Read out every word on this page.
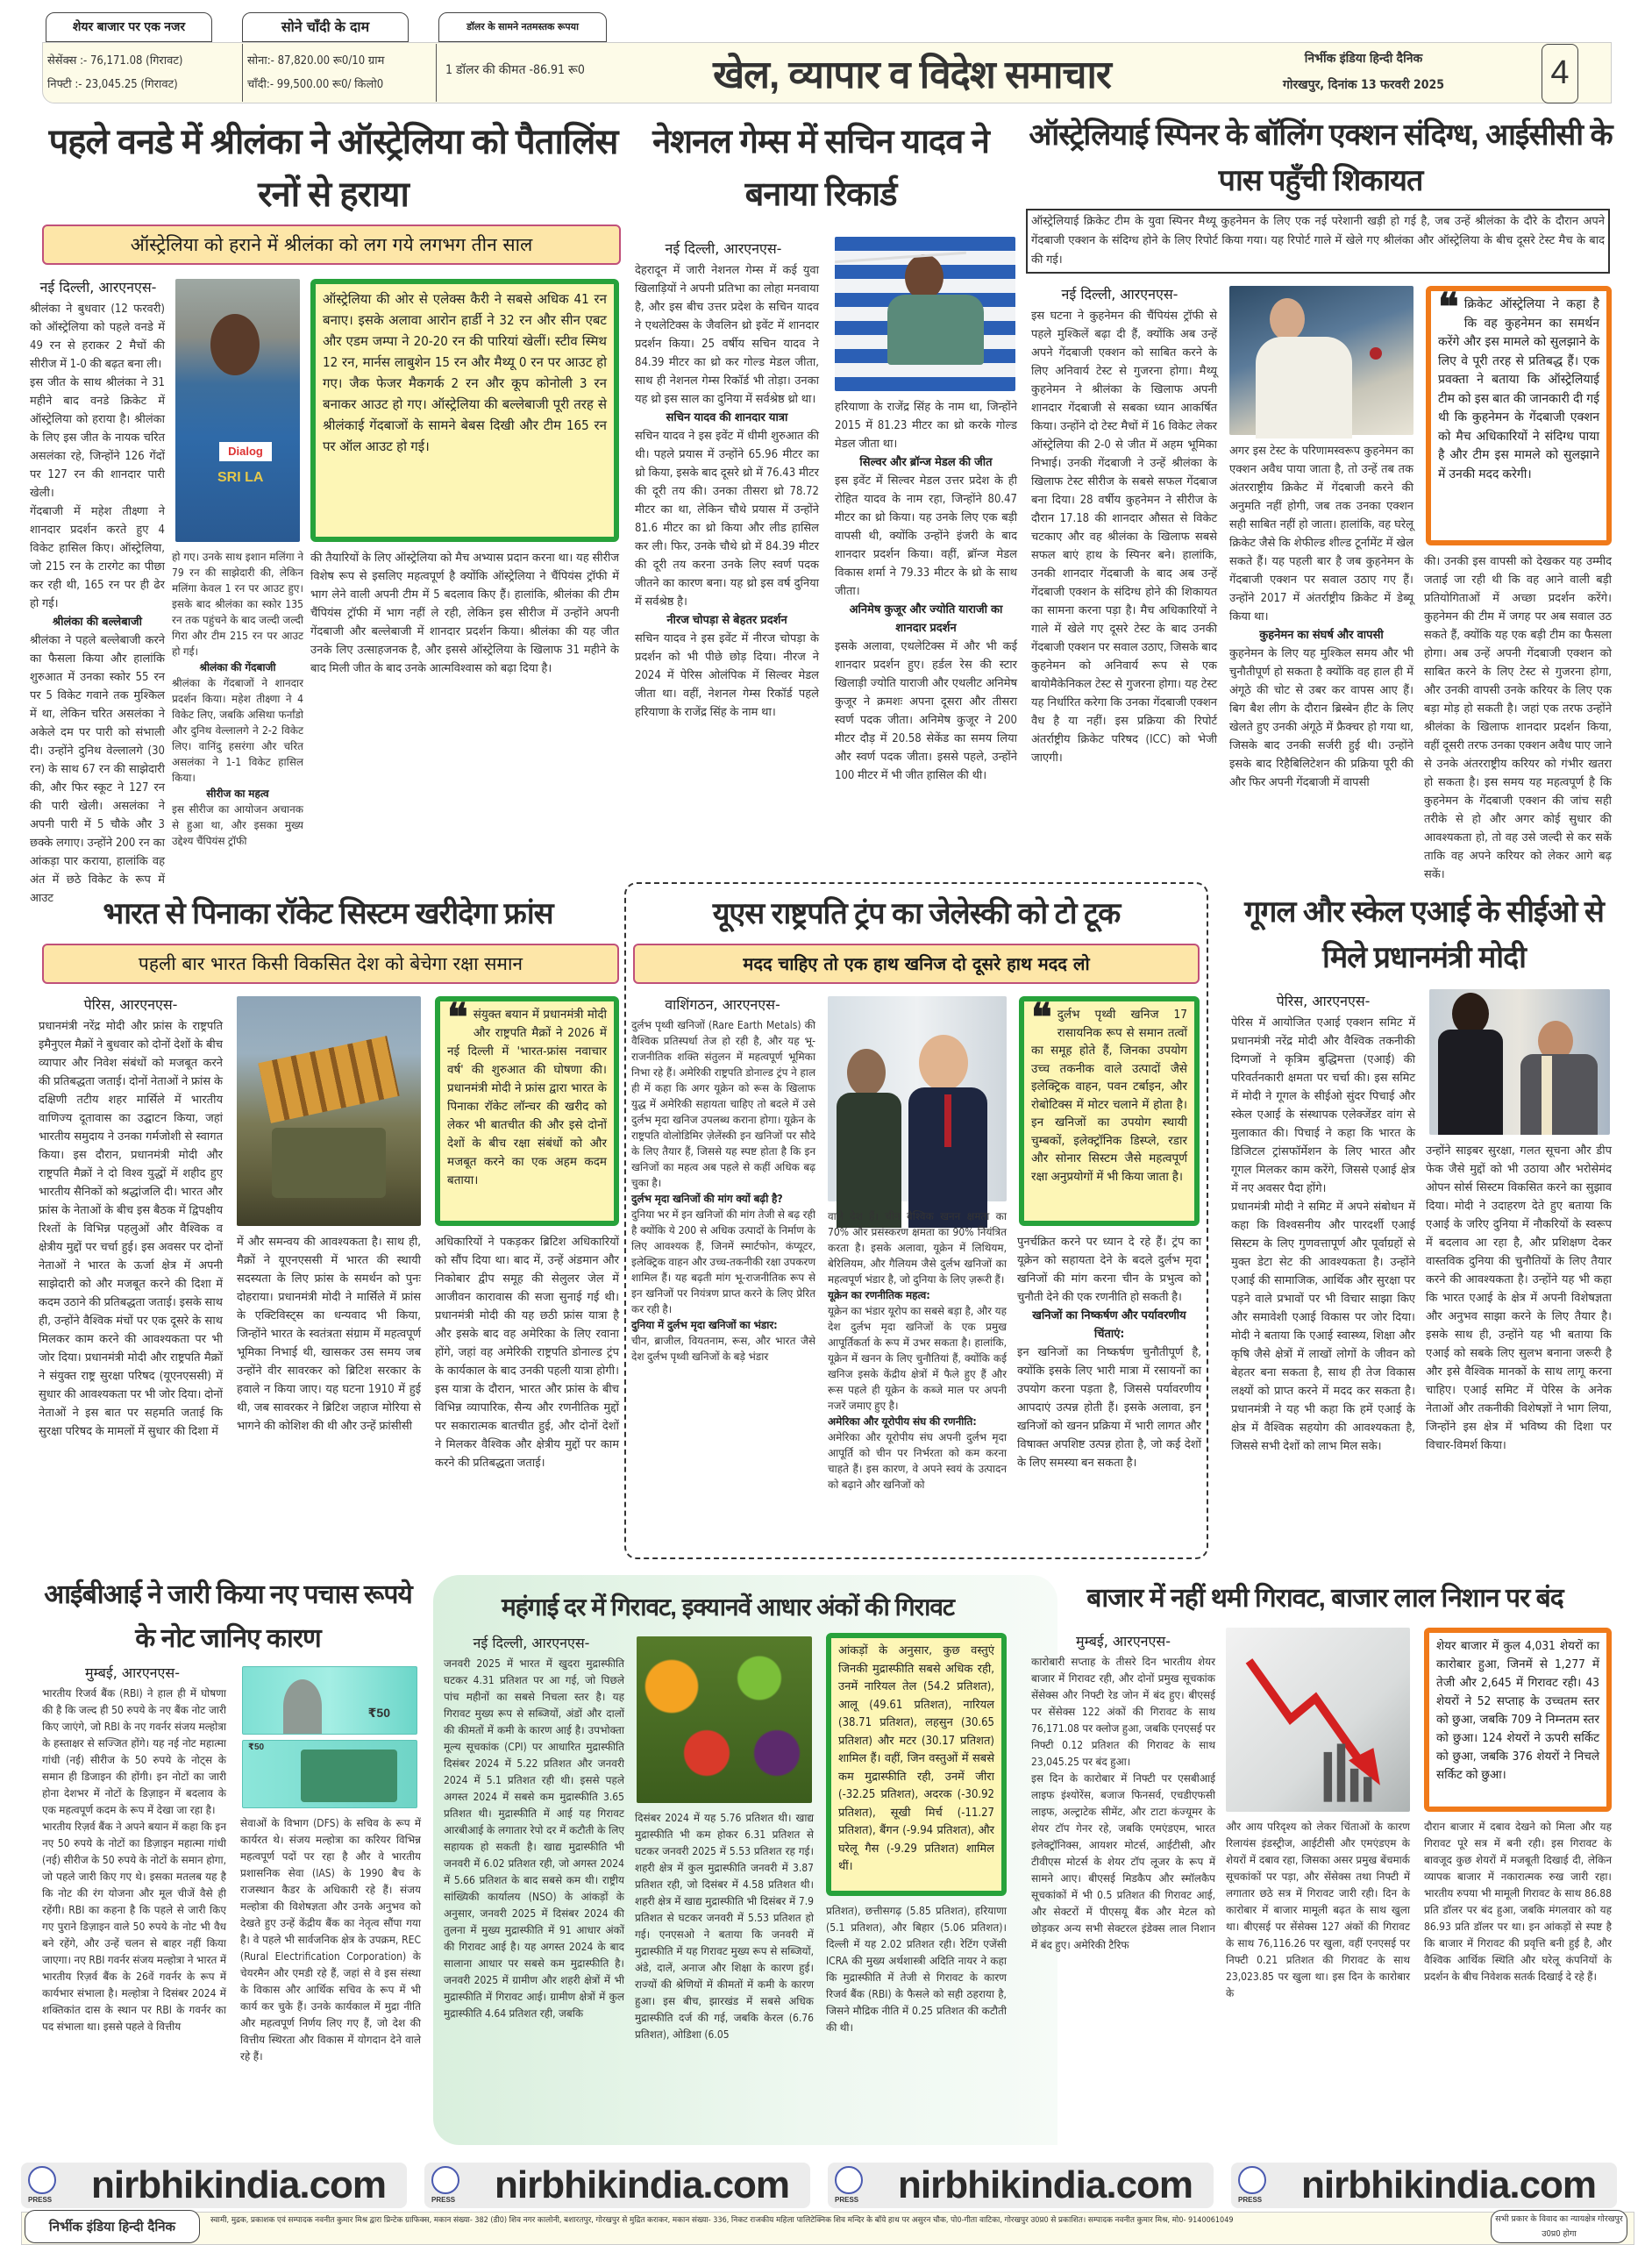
शेयर बाजार पर एक नजर	सोने चाँदी के दाम	डॉलर के सामने नतमस्तक रूपया
सेसेंक्स :- 76,171.08 (गिरावट)
निफ्टी :- 23,045.25 (गिरावट)
सोना:- 87,820.00 रू0/10 ग्राम
चाँदी:- 99,500.00 रू0/ किलो0
1 डॉलर की कीमत -86.91 रू0	खेल, व्यापार व विदेश समाचार	निर्भीक इंडिया हिन्दी दैनिक
गोरखपुर, दिनांक 13 फरवरी 2025	4
पहले वनडे में श्रीलंका ने ऑस्ट्रेलिया को पैतालिंस रनों से हराया
ऑस्ट्रेलिया को हराने में श्रीलंका को लग गये लगभग तीन साल
नई दिल्ली, आरएनएस-

श्रीलंका ने बुधवार (12 फरवरी) को ऑस्ट्रेलिया को पहले वनडे में 49 रन से हराकर 2 मैचों की सीरीज में 1-0 की बढ़त बना ली।

इस जीत के साथ श्रीलंका ने 31 महीने बाद वनडे क्रिकेट में ऑस्ट्रेलिया को हराया है। श्रीलंका के लिए इस जीत के नायक चरित असलंका रहे, जिन्होंने 126 गेंदों पर 127 रन की शानदार पारी खेली।

गेंदबाजी में महेश तीक्ष्णा ने शानदार प्रदर्शन करते हुए 4 विकेट हासिल किए। ऑस्ट्रेलिया, जो 215 रन के टारगेट का पीछा कर रही थी, 165 रन पर ही ढेर हो गई।

श्रीलंका की बल्लेबाजी

श्रीलंका ने पहले बल्लेबाजी करने का फैसला किया और हालांकि शुरुआत में उनका स्कोर 55 रन पर 5 विकेट गवाने तक मुश्किल में था, लेकिन चरित असलंका ने अकेले दम पर पारी को संभाली दी। उन्होंने दुनिथ वेल्लालगे (30 रन) के साथ 67 रन की साझेदारी की, और फिर स्कूट ने 127 रन की पारी खेली। असलंका ने अपनी पारी में 5 चौके और 3 छक्के लगाए। उन्होंने 200 रन का आंकड़ा पार कराया, हालांकि वह अंत में छठे विकेट के रूप में आउट

Dialog
SRI LA

हो गए। उनके साथ इशान मलिंगा ने 79 रन की साझेदारी की, लेकिन मलिंगा केवल 1 रन पर आउट हुए। इसके बाद श्रीलंका का स्कोर 135 रन तक पहुंचने के बाद जल्दी जल्दी गिरा और टीम 215 रन पर आउट हो गई।

श्रीलंका की गेंदबाजी

श्रीलंका के गेंदबाजों ने शानदार प्रदर्शन किया। महेश तीक्ष्णा ने 4 विकेट लिए, जबकि असिथा फर्नांडो और दुनिथ वेल्लालगे ने 2-2 विकेट लिए। वानिंदु हसरंगा और चरित असलंका ने 1-1 विकेट हासिल किया।

सीरीज का महत्व

इस सीरीज का आयोजन अचानक से हुआ था, और इसका मुख्य उद्देश्य चैंपियंस ट्रॉफी

ऑस्ट्रेलिया की ओर से एलेक्स कैरी ने सबसे अधिक 41 रन बनाए। इसके अलावा आरोन हार्डी ने 32 रन और सीन एबट और एडम जम्पा ने 20-20 रन की पारियां खेलीं। स्टीव स्मिथ 12 रन, मार्नस लाबुशेन 15 रन और मैथ्यू 0 रन पर आउट हो गए। जैक फेजर मैकगर्क 2 रन और कूप कोनोली 3 रन बनाकर आउट हो गए। ऑस्ट्रेलिया की बल्लेबाजी पूरी तरह से श्रीलंकाई गेंदबाजों के सामने बेबस दिखी और टीम 165 रन पर ऑल आउट हो गई।
की तैयारियों के लिए ऑस्ट्रेलिया को मैच अभ्यास प्रदान करना था। यह सीरीज विशेष रूप से इसलिए महत्वपूर्ण है क्योंकि ऑस्ट्रेलिया ने चैंपियंस ट्रॉफी में भाग लेने वाली अपनी टीम में 5 बदलाव किए हैं। हालांकि, श्रीलंका की टीम चैंपियंस ट्रॉफी में भाग नहीं ले रही, लेकिन इस सीरीज में उन्होंने अपनी गेंदबाजी और बल्लेबाजी में शानदार प्रदर्शन किया। श्रीलंका की यह जीत उनके लिए उत्साहजनक है, और इससे ऑस्ट्रेलिया के खिलाफ 31 महीने के बाद मिली जीत के बाद उनके आत्मविश्वास को बढ़ा दिया है।
नेशनल गेम्स में सचिन यादव ने बनाया रिकार्ड
नई दिल्ली, आरएनएस-

देहरादून में जारी नेशनल गेम्स में कई युवा खिलाड़ियों ने अपनी प्रतिभा का लोहा मनवाया है, और इस बीच उत्तर प्रदेश के सचिन यादव ने एथलेटिक्स के जैवलिन थ्रो इवेंट में शानदार प्रदर्शन किया। 25 वर्षीय सचिन यादव ने 84.39 मीटर का थ्रो कर गोल्ड मेडल जीता, साथ ही नेशनल गेम्स रिकॉर्ड भी तोड़ा। उनका यह थ्रो इस साल का दुनिया में सर्वश्रेष्ठ थ्रो था।

सचिन यादव की शानदार यात्रा

सचिन यादव ने इस इवेंट में धीमी शुरुआत की थी। पहले प्रयास में उन्होंने 65.96 मीटर का थ्रो किया, इसके बाद दूसरे थ्रो में 76.43 मीटर की दूरी तय की। उनका तीसरा थ्रो 78.72 मीटर का था, लेकिन चौथे प्रयास में उन्होंने 81.6 मीटर का थ्रो किया और लीड हासिल कर ली। फिर, उनके चौथे थ्रो में 84.39 मीटर की दूरी तय करना उनके लिए स्वर्ण पदक जीतने का कारण बना। यह थ्रो इस वर्ष दुनिया में सर्वश्रेष्ठ है।

नीरज चोपड़ा से बेहतर प्रदर्शन

सचिन यादव ने इस इवेंट में नीरज चोपड़ा के प्रदर्शन को भी पीछे छोड़ दिया। नीरज ने 2024 में पेरिस ओलंपिक में सिल्वर मेडल जीता था। वहीं, नेशनल गेम्स रिकॉर्ड पहले हरियाणा के राजेंद्र सिंह के नाम था।

हरियाणा के राजेंद्र सिंह के नाम था, जिन्होंने 2015 में 81.23 मीटर का थ्रो करके गोल्ड मेडल जीता था।

सिल्वर और ब्रॉन्ज मेडल की जीत

इस इवेंट में सिल्वर मेडल उत्तर प्रदेश के ही रोहित यादव के नाम रहा, जिन्होंने 80.47 मीटर का थ्रो किया। यह उनके लिए एक बड़ी वापसी थी, क्योंकि उन्होंने इंजरी के बाद शानदार प्रदर्शन किया। वहीं, ब्रॉन्ज मेडल विकास शर्मा ने 79.33 मीटर के थ्रो के साथ जीता।

अनिमेष कुजूर और ज्योति याराजी का शानदार प्रदर्शन

इसके अलावा, एथलेटिक्स में और भी कई शानदार प्रदर्शन हुए। हर्डल रेस की स्टार खिलाड़ी ज्योति याराजी और एथलीट अनिमेष कुजूर ने क्रमशः अपना दूसरा और तीसरा स्वर्ण पदक जीता। अनिमेष कुजूर ने 200 मीटर दौड़ में 20.58 सेकेंड का समय लिया और स्वर्ण पदक जीता। इससे पहले, उन्होंने 100 मीटर में भी जीत हासिल की थी।

ऑस्ट्रेलियाई स्पिनर के बॉलिंग एक्शन संदिग्ध, आईसीसी के पास पहुँची शिकायत
ऑस्ट्रेलियाई क्रिकेट टीम के युवा स्पिनर मैथ्यू कुहनेमन के लिए एक नई परेशानी खड़ी हो गई है, जब उन्हें श्रीलंका के दौरे के दौरान अपने गेंदबाजी एक्शन के संदिग्ध होने के लिए रिपोर्ट किया गया। यह रिपोर्ट गाले में खेले गए श्रीलंका और ऑस्ट्रेलिया के बीच दूसरे टेस्ट मैच के बाद की गई।
नई दिल्ली, आरएनएस-
इस घटना ने कुहनेमन की चैंपियंस ट्रॉफी से पहले मुश्किलें बढ़ा दी हैं, क्योंकि अब उन्हें अपने गेंदबाजी एक्शन को साबित करने के लिए अनिवार्य टेस्ट से गुजरना होगा। मैथ्यू कुहनेमन ने श्रीलंका के खिलाफ अपनी शानदार गेंदबाजी से सबका ध्यान आकर्षित किया। उन्होंने दो टेस्ट मैचों में 16 विकेट लेकर ऑस्ट्रेलिया की 2-0 से जीत में अहम भूमिका निभाई। उनकी गेंदबाजी ने उन्हें श्रीलंका के खिलाफ टेस्ट सीरीज के सबसे सफल गेंदबाज बना दिया। 28 वर्षीय कुहनेमन ने सीरीज के दौरान 17.18 की शानदार औसत से विकेट चटकाए और वह श्रीलंका के खिलाफ सबसे सफल बाएं हाथ के स्पिनर बने। हालांकि, उनकी शानदार गेंदबाजी के बाद अब उन्हें गेंदबाजी एक्शन के संदिग्ध होने की शिकायत का सामना करना पड़ा है। मैच अधिकारियों ने गाले में खेले गए दूसरे टेस्ट के बाद उनकी गेंदबाजी एक्शन पर सवाल उठाए, जिसके बाद कुहनेमन को अनिवार्य रूप से एक बायोमैकेनिकल टेस्ट से गुजरना होगा। यह टेस्ट यह निर्धारित करेगा कि उनका गेंदबाजी एक्शन वैध है या नहीं। इस प्रक्रिया की रिपोर्ट अंतर्राष्ट्रीय क्रिकेट परिषद (ICC) को भेजी जाएगी।

अगर इस टेस्ट के परिणामस्वरूप कुहनेमन का एक्शन अवैध पाया जाता है, तो उन्हें तब तक अंतरराष्ट्रीय क्रिकेट में गेंदबाजी करने की अनुमति नहीं होगी, जब तक उनका एक्शन सही साबित नहीं हो जाता। हालांकि, वह घरेलू क्रिकेट जैसे कि शेफील्ड शील्ड टूर्नामेंट में खेल सकते हैं। यह पहली बार है जब कुहनेमन के गेंदबाजी एक्शन पर सवाल उठाए गए हैं। उन्होंने 2017 में अंतर्राष्ट्रीय क्रिकेट में डेब्यू किया था।

कुहनेमन का संघर्ष और वापसी

कुहनेमन के लिए यह मुश्किल समय और भी चुनौतीपूर्ण हो सकता है क्योंकि वह हाल ही में अंगूठे की चोट से उबर कर वापस आए हैं। बिग बैश लीग के दौरान ब्रिस्बेन हीट के लिए खेलते हुए उनकी अंगूठे में फ्रैक्चर हो गया था, जिसके बाद उनकी सर्जरी हुई थी। उन्होंने इसके बाद रिहैबिलिटेशन की प्रक्रिया पूरी की और फिर अपनी गेंदबाजी में वापसी

❝ क्रिकेट ऑस्ट्रेलिया ने कहा है कि वह कुहनेमन का समर्थन करेंगे और इस मामले को सुलझाने के लिए वे पूरी तरह से प्रतिबद्ध हैं। एक प्रवक्ता ने बताया कि ऑस्ट्रेलियाई टीम को इस बात की जानकारी दी गई थी कि कुहनेमन के गेंदबाजी एक्शन को मैच अधिकारियों ने संदिग्ध पाया है और टीम इस मामले को सुलझाने में उनकी मदद करेगी।
की। उनकी इस वापसी को देखकर यह उम्मीद जताई जा रही थी कि वह आने वाली बड़ी प्रतियोगिताओं में अच्छा प्रदर्शन करेंगे। कुहनेमन की टीम में जगह पर अब सवाल उठ सकते हैं, क्योंकि यह एक बड़ी टीम का फैसला होगा। अब उन्हें अपनी गेंदबाजी एक्शन को साबित करने के लिए टेस्ट से गुजरना होगा, और उनकी वापसी उनके करियर के लिए एक बड़ा मोड़ हो सकती है। जहां एक तरफ उन्होंने श्रीलंका के खिलाफ शानदार प्रदर्शन किया, वहीं दूसरी तरफ उनका एक्शन अवैध पाए जाने से उनके अंतरराष्ट्रीय करियर को गंभीर खतरा हो सकता है। इस समय यह महत्वपूर्ण है कि कुहनेमन के गेंदबाजी एक्शन की जांच सही तरीके से हो और अगर कोई सुधार की आवश्यकता हो, तो वह उसे जल्दी से कर सकें ताकि वह अपने करियर को लेकर आगे बढ़ सकें।
भारत से पिनाका रॉकेट सिस्टम खरीदेगा फ्रांस
पहली बार भारत किसी विकसित देश को बेचेगा रक्षा समान
पेरिस, आरएनएस-
प्रधानमंत्री नरेंद्र मोदी और फ्रांस के राष्ट्रपति इमैनुएल मैक्रों ने बुधवार को दोनों देशों के बीच व्यापार और निवेश संबंधों को मजबूत करने की प्रतिबद्धता जताई। दोनों नेताओं ने फ्रांस के दक्षिणी तटीय शहर मार्सिले में भारतीय वाणिज्य दूतावास का उद्घाटन किया, जहां भारतीय समुदाय ने उनका गर्मजोशी से स्वागत किया। इस दौरान, प्रधानमंत्री मोदी और राष्ट्रपति मैक्रों ने दो विश्व युद्धों में शहीद हुए भारतीय सैनिकों को श्रद्धांजलि दी। भारत और फ्रांस के नेताओं के बीच इस बैठक में द्विपक्षीय रिश्तों के विभिन्न पहलुओं और वैश्विक व क्षेत्रीय मुद्दों पर चर्चा हुई। इस अवसर पर दोनों नेताओं ने भारत के ऊर्जा क्षेत्र में अपनी साझेदारी को और मजबूत करने की दिशा में कदम उठाने की प्रतिबद्धता जताई। इसके साथ ही, उन्होंने वैश्विक मंचों पर एक दूसरे के साथ मिलकर काम करने की आवश्यकता पर भी जोर दिया। प्रधानमंत्री मोदी और राष्ट्रपति मैक्रों ने संयुक्त राष्ट्र सुरक्षा परिषद (यूएनएससी) में सुधार की आवश्यकता पर भी जोर दिया। दोनों नेताओं ने इस बात पर सहमति जताई कि सुरक्षा परिषद के मामलों में सुधार की दिशा में
में और समन्वय की आवश्यकता है। साथ ही, मैक्रों ने यूएनएससी में भारत की स्थायी सदस्यता के लिए फ्रांस के समर्थन को पुनः दोहराया। प्रधानमंत्री मोदी ने मार्सिले में फ्रांस के एक्टिविस्ट्स का धन्यवाद भी किया, जिन्होंने भारत के स्वतंत्रता संग्राम में महत्वपूर्ण भूमिका निभाई थी, खासकर उस समय जब उन्होंने वीर सावरकर को ब्रिटिश सरकार के हवाले न किया जाए। यह घटना 1910 में हुई थी, जब सावरकर ने ब्रिटिश जहाज मोरिया से भागने की कोशिश की थी और उन्हें फ्रांसीसी
❝ संयुक्त बयान में प्रधानमंत्री मोदी और राष्ट्रपति मैक्रों ने 2026 में नई दिल्ली में 'भारत-फ्रांस नवाचार वर्ष' की शुरुआत की घोषणा की। प्रधानमंत्री मोदी ने फ्रांस द्वारा भारत के पिनाका रॉकेट लॉन्चर की खरीद को लेकर भी बातचीत की और इसे दोनों देशों के बीच रक्षा संबंधों को और मजबूत करने का एक अहम कदम बताया।
अधिकारियों ने पकड़कर ब्रिटिश अधिकारियों को सौंप दिया था। बाद में, उन्हें अंडमान और निकोबार द्वीप समूह की सेलुलर जेल में आजीवन कारावास की सजा सुनाई गई थी। प्रधानमंत्री मोदी की यह छठी फ्रांस यात्रा है और इसके बाद वह अमेरिका के लिए रवाना होंगे, जहां वह अमेरिकी राष्ट्रपति डोनाल्ड ट्रंप के कार्यकाल के बाद उनकी पहली यात्रा होगी। इस यात्रा के दौरान, भारत और फ्रांस के बीच विभिन्न व्यापारिक, सैन्य और रणनीतिक मुद्दों पर सकारात्मक बातचीत हुई, और दोनों देशों ने मिलकर वैश्विक और क्षेत्रीय मुद्दों पर काम करने की प्रतिबद्धता जताई।
यूएस राष्ट्रपति ट्रंप का जेलेस्की को टो टूक
मदद चाहिए तो एक हाथ खनिज दो दूसरे हाथ मदद लो
वाशिंगठन, आरएनएस-

दुर्लभ पृथ्वी खनिजों (Rare Earth Metals) की वैश्विक प्रतिस्पर्धा तेज हो रही है, और यह भू-राजनीतिक शक्ति संतुलन में महत्वपूर्ण भूमिका निभा रहे हैं। अमेरिकी राष्ट्रपति डोनाल्ड ट्रंप ने हाल ही में कहा कि अगर यूक्रेन को रूस के खिलाफ युद्ध में अमेरिकी सहायता चाहिए तो बदले में उसे दुर्लभ मृदा खनिज उपलब्ध कराना होगा। यूक्रेन के राष्ट्रपति वोलोडिमिर ज़ेलेंस्की इन खनिजों पर सौदे के लिए तैयार हैं, जिससे यह स्पष्ट होता है कि इन खनिजों का महत्व अब पहले से कहीं अधिक बढ़ चुका है।

दुर्लभ मृदा खनिजों की मांग क्यों बढ़ी है?

दुनिया भर में इन खनिजों की मांग तेजी से बढ़ रही है क्योंकि ये 200 से अधिक उत्पादों के निर्माण के लिए आवश्यक हैं, जिनमें स्मार्टफोन, कंप्यूटर, इलेक्ट्रिक वाहन और उच्च-तकनीकी रक्षा उपकरण शामिल हैं। यह बढ़ती मांग भू-राजनीतिक रूप से इन खनिजों पर नियंत्रण प्राप्त करने के लिए प्रेरित कर रही है।

दुनिया में दुर्लभ मृदा खनिजों का भंडार:

चीन, ब्राजील, वियतनाम, रूस, और भारत जैसे देश दुर्लभ पृथ्वी खनिजों के बड़े भंडार

वाले देश हैं। चीन वैश्विक खनन क्षमता का 70% और प्रसंस्करण क्षमता का 90% नियंत्रित करता है। इसके अलावा, यूक्रेन में लिथियम, बेरिलियम, और गैलियम जैसे दुर्लभ खनिजों का महत्वपूर्ण भंडार है, जो दुनिया के लिए ज़रूरी हैं।

यूक्रेन का रणनीतिक महत्व:

यूक्रेन का भंडार यूरोप का सबसे बड़ा है, और यह देश दुर्लभ मृदा खनिजों के एक प्रमुख आपूर्तिकर्ता के रूप में उभर सकता है। हालांकि, यूक्रेन में खनन के लिए चुनौतियां हैं, क्योंकि कई खनिज इसके केंद्रीय क्षेत्रों में फैले हुए हैं और रूस पहले ही यूक्रेन के कब्जे माल पर अपनी नजरें जमाए हुए है।

अमेरिका और यूरोपीय संघ की रणनीति:

अमेरिका और यूरोपीय संघ अपनी दुर्लभ मृदा आपूर्ति को चीन पर निर्भरता को कम करना चाहते हैं। इस कारण, वे अपने स्वयं के उत्पादन को बढ़ाने और खनिजों को

❝ दुर्लभ पृथ्वी खनिज 17 रासायनिक रूप से समान तत्वों का समूह होते हैं, जिनका उपयोग उच्च तकनीक वाले उत्पादों जैसे इलेक्ट्रिक वाहन, पवन टर्बाइन, और रोबोटिक्स में मोटर चलाने में होता है। इन खनिजों का उपयोग स्थायी चुम्बकों, इलेक्ट्रॉनिक डिस्प्ले, रडार और सोनार सिस्टम जैसे महत्वपूर्ण रक्षा अनुप्रयोगों में भी किया जाता है।

पुनर्चक्रित करने पर ध्यान दे रहे हैं। ट्रंप का यूक्रेन को सहायता देने के बदले दुर्लभ मृदा खनिजों की मांग करना चीन के प्रभुत्व को चुनौती देने की एक रणनीति हो सकती है।

खनिजों का निष्कर्षण और पर्यावरणीय चिंताएं:

इन खनिजों का निष्कर्षण चुनौतीपूर्ण है, क्योंकि इसके लिए भारी मात्रा में रसायनों का उपयोग करना पड़ता है, जिससे पर्यावरणीय आपदाएं उत्पन्न होती हैं। इसके अलावा, इन खनिजों को खनन प्रक्रिया में भारी लागत और विषाक्त अपशिष्ट उत्पन्न होता है, जो कई देशों के लिए समस्या बन सकता है।

गूगल और स्केल एआई के सीईओ से मिले प्रधानमंत्री मोदी
पेरिस, आरएनएस-

पेरिस में आयोजित एआई एक्शन समिट में प्रधानमंत्री नरेंद्र मोदी और वैश्विक तकनीकी दिग्गजों ने कृत्रिम बुद्धिमत्ता (एआई) की परिवर्तनकारी क्षमता पर चर्चा की। इस समिट में मोदी ने गूगल के सीईओ सुंदर पिचाई और स्केल एआई के संस्थापक एलेक्जेंडर वांग से मुलाकात की। पिचाई ने कहा कि भारत के डिजिटल ट्रांसफॉर्मेशन के लिए भारत और गूगल मिलकर काम करेंगे, जिससे एआई क्षेत्र में नए अवसर पैदा होंगे।

प्रधानमंत्री मोदी ने समिट में अपने संबोधन में कहा कि विश्वसनीय और पारदर्शी एआई सिस्टम के लिए गुणवत्तापूर्ण और पूर्वाग्रहों से मुक्त डेटा सेट की आवश्यकता है। उन्होंने एआई की सामाजिक, आर्थिक और सुरक्षा पर पड़ने वाले प्रभावों पर भी विचार साझा किए और समावेशी एआई विकास पर जोर दिया। मोदी ने बताया कि एआई स्वास्थ्य, शिक्षा और कृषि जैसे क्षेत्रों में लाखों लोगों के जीवन को बेहतर बना सकता है, साथ ही तेज विकास लक्ष्यों को प्राप्त करने में मदद कर सकता है। प्रधानमंत्री ने यह भी कहा कि हमें एआई के क्षेत्र में वैश्विक सहयोग की आवश्यकता है, जिससे सभी देशों को लाभ मिल सके।

उन्होंने साइबर सुरक्षा, गलत सूचना और डीप फेक जैसे मुद्दों को भी उठाया और भरोसेमंद ओपन सोर्स सिस्टम विकसित करने का सुझाव दिया। मोदी ने उदाहरण देते हुए बताया कि एआई के जरिए दुनिया में नौकरियों के स्वरूप में बदलाव आ रहा है, और प्रशिक्षण देकर वास्तविक दुनिया की चुनौतियों के लिए तैयार करने की आवश्यकता है। उन्होंने यह भी कहा कि भारत एआई के क्षेत्र में अपनी विशेषज्ञता और अनुभव साझा करने के लिए तैयार है। इसके साथ ही, उन्होंने यह भी बताया कि एआई को सबके लिए सुलभ बनाना जरूरी है और इसे वैश्विक मानकों के साथ लागू करना चाहिए। एआई समिट में पेरिस के अनेक नेताओं और तकनीकी विशेषज्ञों ने भाग लिया, जिन्होंने इस क्षेत्र में भविष्य की दिशा पर विचार-विमर्श किया।
आईबीआई ने जारी किया नए पचास रूपये के नोट जानिए कारण
मुम्बई, आरएनएस-

भारतीय रिजर्व बैंक (RBI) ने हाल ही में घोषणा की है कि जल्द ही 50 रुपये के नए बैंक नोट जारी किए जाएंगे, जो RBI के नए गवर्नर संजय मल्होत्रा के हस्ताक्षर से सज्जित होंगे। यह नई नोट महात्मा गांधी (नई) सीरीज के 50 रुपये के नोट्स के समान ही डिजाइन की होंगी। इन नोटों का जारी होना देशभर में नोटों के डिज़ाइन में बदलाव के एक महत्वपूर्ण कदम के रूप में देखा जा रहा है।

भारतीय रिज़र्व बैंक ने अपने बयान में कहा कि इन नए 50 रुपये के नोटों का डिज़ाइन महात्मा गांधी (नई) सीरीज के 50 रुपये के नोटों के समान होगा, जो पहले जारी किए गए थे। इसका मतलब यह है कि नोट की रंग योजना और मूल चीजें वैसे ही रहेंगी। RBI का कहना है कि पहले से जारी किए गए पुराने डिज़ाइन वाले 50 रुपये के नोट भी वैध बने रहेंगे, और उन्हें चलन से बाहर नहीं किया जाएगा। नए RBI गवर्नर संजय मल्होत्रा ने भारत में भारतीय रिज़र्व बैंक के 26वें गवर्नर के रूप में कार्यभार संभाला है। मल्होत्रा ने दिसंबर 2024 में शक्तिकांत दास के स्थान पर RBI के गवर्नर का पद संभाला था। इससे पहले वे वित्तीय

₹50
₹50
सेवाओं के विभाग (DFS) के सचिव के रूप में कार्यरत थे। संजय मल्होत्रा का करियर विभिन्न महत्वपूर्ण पदों पर रहा है और वे भारतीय प्रशासनिक सेवा (IAS) के 1990 बैच के राजस्थान कैडर के अधिकारी रहे हैं। संजय मल्होत्रा की विशेषज्ञता और उनके अनुभव को देखते हुए उन्हें केंद्रीय बैंक का नेतृत्व सौंपा गया है। वे पहले भी सार्वजनिक क्षेत्र के उपक्रम, REC (Rural Electrification Corporation) के चेयरमैन और एमडी रहे हैं, जहां से वे इस संस्था के विकास और आर्थिक सचिव के रूप में भी कार्य कर चुके हैं। उनके कार्यकाल में मुद्रा नीति और महत्वपूर्ण निर्णय लिए गए हैं, जो देश की वित्तीय स्थिरता और विकास में योगदान देने वाले रहे हैं।
महंगाई दर में गिरावट, इक्यानवें आधार अंकों की गिरावट
नई दिल्ली, आरएनएस-
जनवरी 2025 में भारत में खुदरा मुद्रास्फीति घटकर 4.31 प्रतिशत पर आ गई, जो पिछले पांच महीनों का सबसे निचला स्तर है। यह गिरावट मुख्य रूप से सब्जियों, अंडों और दालों की कीमतों में कमी के कारण आई है। उपभोक्ता मूल्य सूचकांक (CPI) पर आधारित मुद्रास्फीति दिसंबर 2024 में 5.22 प्रतिशत और जनवरी 2024 में 5.1 प्रतिशत रही थी। इससे पहले अगस्त 2024 में सबसे कम मुद्रास्फीति 3.65 प्रतिशत थी। मुद्रास्फीति में आई यह गिरावट आरबीआई के लगातार रेपो दर में कटौती के लिए सहायक हो सकती है। खाद्य मुद्रास्फीति भी जनवरी में 6.02 प्रतिशत रही, जो अगस्त 2024 में 5.66 प्रतिशत के बाद सबसे कम थी। राष्ट्रीय सांख्यिकी कार्यालय (NSO) के आंकड़ों के अनुसार, जनवरी 2025 में दिसंबर 2024 की तुलना में मुख्य मुद्रास्फीति में 91 आधार अंकों की गिरावट आई है। यह अगस्त 2024 के बाद सालाना आधार पर सबसे कम मुद्रास्फीति है। जनवरी 2025 में ग्रामीण और शहरी क्षेत्रों में भी मुद्रास्फीति में गिरावट आई। ग्रामीण क्षेत्रों में कुल मुद्रास्फीति 4.64 प्रतिशत रही, जबकि
दिसंबर 2024 में यह 5.76 प्रतिशत थी। खाद्य मुद्रास्फीति भी कम होकर 6.31 प्रतिशत से घटकर जनवरी 2025 में 5.53 प्रतिशत रह गई। शहरी क्षेत्र में कुल मुद्रास्फीति जनवरी में 3.87 प्रतिशत रही, जो दिसंबर में 4.58 प्रतिशत थी। शहरी क्षेत्र में खाद्य मुद्रास्फीति भी दिसंबर में 7.9 प्रतिशत से घटकर जनवरी में 5.53 प्रतिशत हो गई। एनएसओ ने बताया कि जनवरी में मुद्रास्फीति में यह गिरावट मुख्य रूप से सब्जियों, अंडे, दालें, अनाज और शिक्षा के कारण हुई। राज्यों की श्रेणियों में कीमतों में कमी के कारण हुआ। इस बीच, झारखंड में सबसे अधिक मुद्रास्फीति दर्ज की गई, जबकि केरल (6.76 प्रतिशत), ओडिशा (6.05
आंकड़ों के अनुसार, कुछ वस्तुएं जिनकी मुद्रास्फीति सबसे अधिक रही, उनमें नारियल तेल (54.2 प्रतिशत), आलू (49.61 प्रतिशत), नारियल (38.71 प्रतिशत), लहसुन (30.65 प्रतिशत) और मटर (30.17 प्रतिशत) शामिल हैं। वहीं, जिन वस्तुओं में सबसे कम मुद्रास्फीति रही, उनमें जीरा (-32.25 प्रतिशत), अदरक (-30.92 प्रतिशत), सूखी मिर्च (-11.27 प्रतिशत), बैंगन (-9.94 प्रतिशत), और घरेलू गैस (-9.29 प्रतिशत) शामिल थीं।
प्रतिशत), छत्तीसगढ़ (5.85 प्रतिशत), हरियाणा (5.1 प्रतिशत), और बिहार (5.06 प्रतिशत)। दिल्ली में यह 2.02 प्रतिशत रही। रेटिंग एजेंसी ICRA की मुख्य अर्थशास्त्री अदिति नायर ने कहा कि मुद्रास्फीति में तेजी से गिरावट के कारण रिजर्व बैंक (RBI) के फैसले को सही ठहराया है, जिसने मौद्रिक नीति में 0.25 प्रतिशत की कटौती की थी।
बाजार में नहीं थमी गिरावट, बाजार लाल निशान पर बंद
मुम्बई, आरएनएस-

कारोबारी सप्ताह के तीसरे दिन भारतीय शेयर बाजार में गिरावट रही, और दोनों प्रमुख सूचकांक सेंसेक्स और निफ्टी रेड जोन में बंद हुए। बीएसई पर सेंसेक्स 122 अंकों की गिरावट के साथ 76,171.08 पर क्लोज हुआ, जबकि एनएसई पर निफ्टी 0.12 प्रतिशत की गिरावट के साथ 23,045.25 पर बंद हुआ।

इस दिन के कारोबार में निफ्टी पर एसबीआई लाइफ इंश्योरेंस, बजाज फिनसर्व, एचडीएफसी लाइफ, अल्ट्राटेक सीमेंट, और टाटा कंज्यूमर के शेयर टॉप गेनर रहे, जबकि एमएंडएम, भारत इलेक्ट्रॉनिक्स, आयशर मोटर्स, आईटीसी, और टीवीएस मोटर्स के शेयर टॉप लूजर के रूप में सामने आए। बीएसई मिडकैप और स्मॉलकैप सूचकांकों में भी 0.5 प्रतिशत की गिरावट आई, और सेक्टरों में पीएसयू बैंक और मेटल को छोड़कर अन्य सभी सेक्टरल इंडेक्स लाल निशान में बंद हुए। अमेरिकी टैरिफ

और आय परिदृश्य को लेकर चिंताओं के कारण रिलायंस इंडस्ट्रीज, आईटीसी और एमएंडएम के शेयरों में दबाव रहा, जिसका असर प्रमुख बेंचमार्क सूचकांकों पर पड़ा, और सेंसेक्स तथा निफ्टी में लगातार छठे सत्र में गिरावट जारी रही। दिन के कारोबार में बाजार मामूली बढ़त के साथ खुला था। बीएसई पर सेंसेक्स 127 अंकों की गिरावट के साथ 76,116.26 पर खुला, वहीं एनएसई पर निफ्टी 0.21 प्रतिशत की गिरावट के साथ 23,023.85 पर खुला था। इस दिन के कारोबार के
शेयर बाजार में कुल 4,031 शेयरों का कारोबार हुआ, जिनमें से 1,277 में तेजी और 2,645 में गिरावट रही। 43 शेयरों ने 52 सप्ताह के उच्चतम स्तर को छुआ, जबकि 709 ने निम्नतम स्तर को छुआ। 124 शेयरों ने ऊपरी सर्किट को छुआ, जबकि 376 शेयरों ने निचले सर्किट को छुआ।
दौरान बाजार में दबाव देखने को मिला और यह गिरावट पूरे सत्र में बनी रही। इस गिरावट के बावजूद कुछ शेयरों में मजबूती दिखाई दी, लेकिन व्यापक बाजार में नकारात्मक रुख जारी रहा। भारतीय रुपया भी मामूली गिरावट के साथ 86.88 प्रति डॉलर पर बंद हुआ, जबकि मंगलवार को यह 86.93 प्रति डॉलर पर था। इन आंकड़ों से स्पष्ट है कि बाजार में गिरावट की प्रवृत्ति बनी हुई है, और वैश्विक आर्थिक स्थिति और घरेलू कंपनियों के प्रदर्शन के बीच निवेशक सतर्क दिखाई दे रहे हैं।
PRESS nirbhikindia.com	PRESS nirbhikindia.com	PRESS nirbhikindia.com	PRESS nirbhikindia.com
निर्भीक इंडिया हिन्दी दैनिक	स्वामी, मुद्रक, प्रकाशक एवं सम्पादक नवनीत कुमार मिश्र द्वारा प्रिन्टेक ग्राफिक्स, मकान संख्या- 382 (डी0) शिव नगर कालोनी, बशारतपुर, गोरखपुर से मुद्रित कराकर, मकान संख्या- 336, निकट राजकीय महिला पालिटेक्निक शिव मन्दिर के बाँये हाथ पर असुरन चौक, पो0-गीता वाटिका, गोरखपुर उ0प्र0 से प्रकाशित। सम्पादक नवनीत कुमार मिश्र, मो0- 9140061049	सभी प्रकार के विवाद का न्यायक्षेत्र गोरखपुर उ0प्र0 होगा
